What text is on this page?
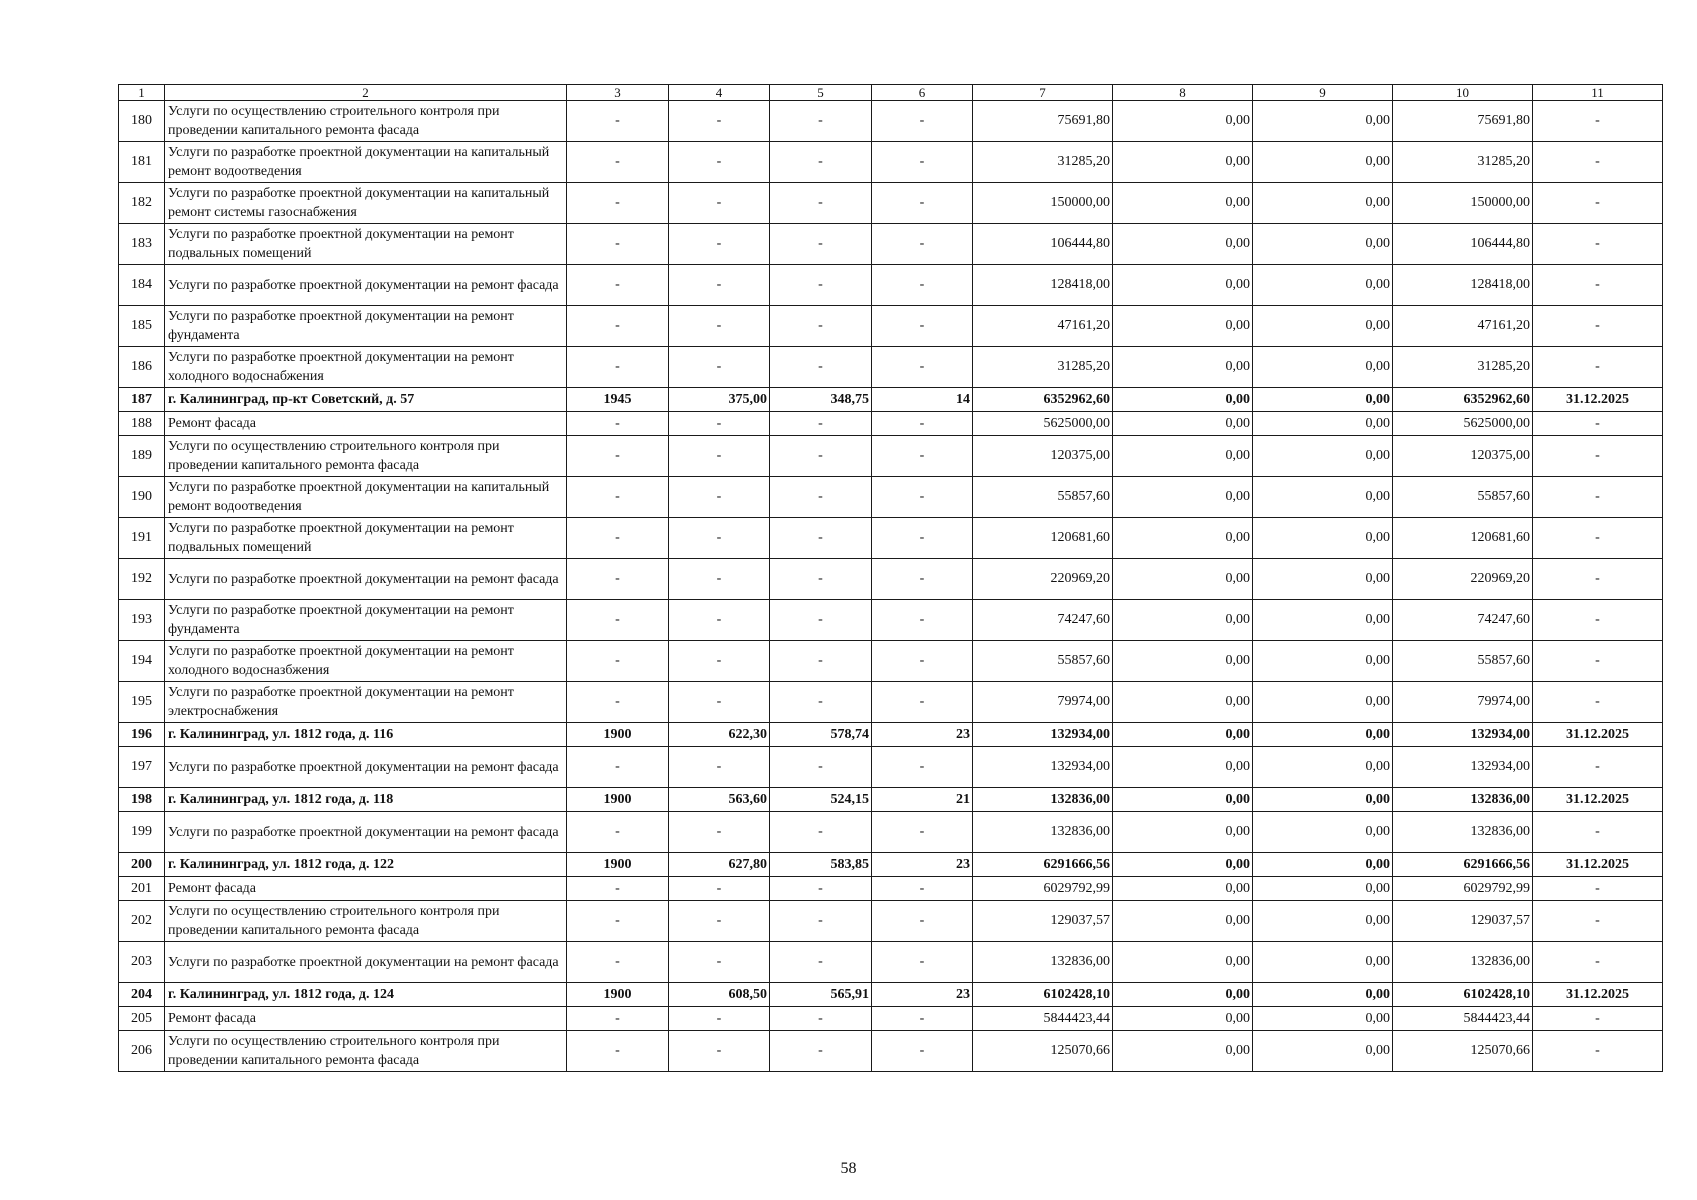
1	2	3	4	5	6	7	8	9	10	11
180	Услуги по осуществлению строительного контроля при проведении капитального ремонта фасада	-	-	-	-	75691,80	0,00	0,00	75691,80	-
181	Услуги по разработке проектной документации на капитальный ремонт водоотведения	-	-	-	-	31285,20	0,00	0,00	31285,20	-
182	Услуги по разработке проектной документации на капитальный ремонт системы газоснабжения	-	-	-	-	150000,00	0,00	0,00	150000,00	-
183	Услуги по разработке проектной документации на ремонт подвальных помещений	-	-	-	-	106444,80	0,00	0,00	106444,80	-
184	Услуги по разработке проектной документации на ремонт фасада	-	-	-	-	128418,00	0,00	0,00	128418,00	-
185	Услуги по разработке проектной документации на ремонт фундамента	-	-	-	-	47161,20	0,00	0,00	47161,20	-
186	Услуги по разработке проектной документации на ремонт холодного водоснабжения	-	-	-	-	31285,20	0,00	0,00	31285,20	-
187	г. Калининград, пр-кт Советский, д. 57	1945	375,00	348,75	14	6352962,60	0,00	0,00	6352962,60	31.12.2025
188	Ремонт фасада	-	-	-	-	5625000,00	0,00	0,00	5625000,00	-
189	Услуги по осуществлению строительного контроля при проведении капитального ремонта фасада	-	-	-	-	120375,00	0,00	0,00	120375,00	-
190	Услуги по разработке проектной документации на капитальный ремонт водоотведения	-	-	-	-	55857,60	0,00	0,00	55857,60	-
191	Услуги по разработке проектной документации на ремонт подвальных помещений	-	-	-	-	120681,60	0,00	0,00	120681,60	-
192	Услуги по разработке проектной документации на ремонт фасада	-	-	-	-	220969,20	0,00	0,00	220969,20	-
193	Услуги по разработке проектной документации на ремонт фундамента	-	-	-	-	74247,60	0,00	0,00	74247,60	-
194	Услуги по разработке проектной документации на ремонт холодного водосназбжения	-	-	-	-	55857,60	0,00	0,00	55857,60	-
195	Услуги по разработке проектной документации на ремонт электроснабжения	-	-	-	-	79974,00	0,00	0,00	79974,00	-
196	г. Калининград, ул. 1812 года, д. 116	1900	622,30	578,74	23	132934,00	0,00	0,00	132934,00	31.12.2025
197	Услуги по разработке проектной документации на ремонт фасада	-	-	-	-	132934,00	0,00	0,00	132934,00	-
198	г. Калининград, ул. 1812 года, д. 118	1900	563,60	524,15	21	132836,00	0,00	0,00	132836,00	31.12.2025
199	Услуги по разработке проектной документации на ремонт фасада	-	-	-	-	132836,00	0,00	0,00	132836,00	-
200	г. Калининград, ул. 1812 года, д. 122	1900	627,80	583,85	23	6291666,56	0,00	0,00	6291666,56	31.12.2025
201	Ремонт фасада	-	-	-	-	6029792,99	0,00	0,00	6029792,99	-
202	Услуги по осуществлению строительного контроля при проведении капитального ремонта фасада	-	-	-	-	129037,57	0,00	0,00	129037,57	-
203	Услуги по разработке проектной документации на ремонт фасада	-	-	-	-	132836,00	0,00	0,00	132836,00	-
204	г. Калининград, ул. 1812 года, д. 124	1900	608,50	565,91	23	6102428,10	0,00	0,00	6102428,10	31.12.2025
205	Ремонт фасада	-	-	-	-	5844423,44	0,00	0,00	5844423,44	-
206	Услуги по осуществлению строительного контроля при проведении капитального ремонта фасада	-	-	-	-	125070,66	0,00	0,00	125070,66	-
58
